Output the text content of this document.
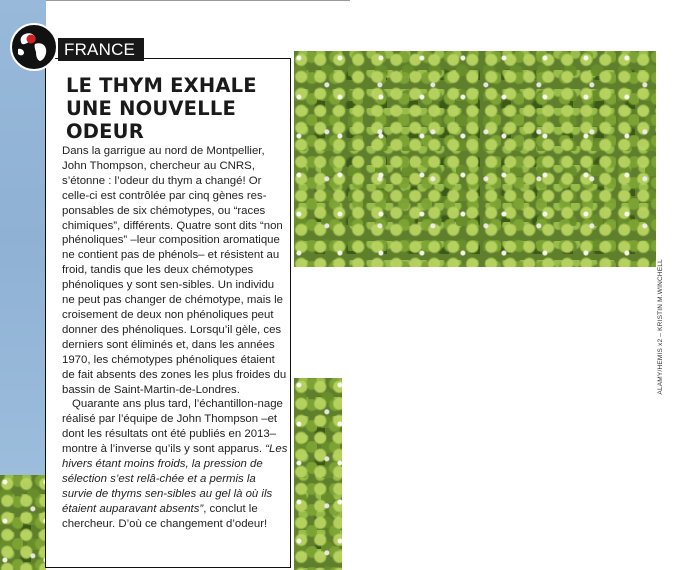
ALAMY/HEMIS x2 – KRISTIN M.WINCHELL
FRANCE
LE THYM EXHALE UNE NOUVELLE ODEUR

Dans la garrigue au nord de Montpellier, John Thompson, chercheur au CNRS, s’étonne : l’odeur du thym a changé! Or celle-ci est contrôlée par cinq gènes res-ponsables de six chémotypes, ou “races chimiques”, différents. Quatre sont dits “non phénoliques” –leur composition aromatique ne contient pas de phénols– et résistent au froid, tandis que les deux chémotypes phénoliques y sont sen-sibles. Un individu ne peut pas changer de chémotype, mais le croisement de deux non phénoliques peut donner des phénoliques. Lorsqu’il gèle, ces derniers sont éliminés et, dans les années 1970, les chémotypes phénoliques étaient de fait absents des zones les plus froides du bassin de Saint-Martin-de-Londres.

Quarante ans plus tard, l’échantillon-nage réalisé par l’équipe de John Thompson –et dont les résultats ont été publiés en 2013– montre à l’inverse qu’ils y sont apparus. “Les hivers étant moins froids, la pression de sélection s’est relâ-chée et a permis la survie de thyms sen-sibles au gel là où ils étaient auparavant absents”, conclut le chercheur. D’où ce changement d’odeur!
